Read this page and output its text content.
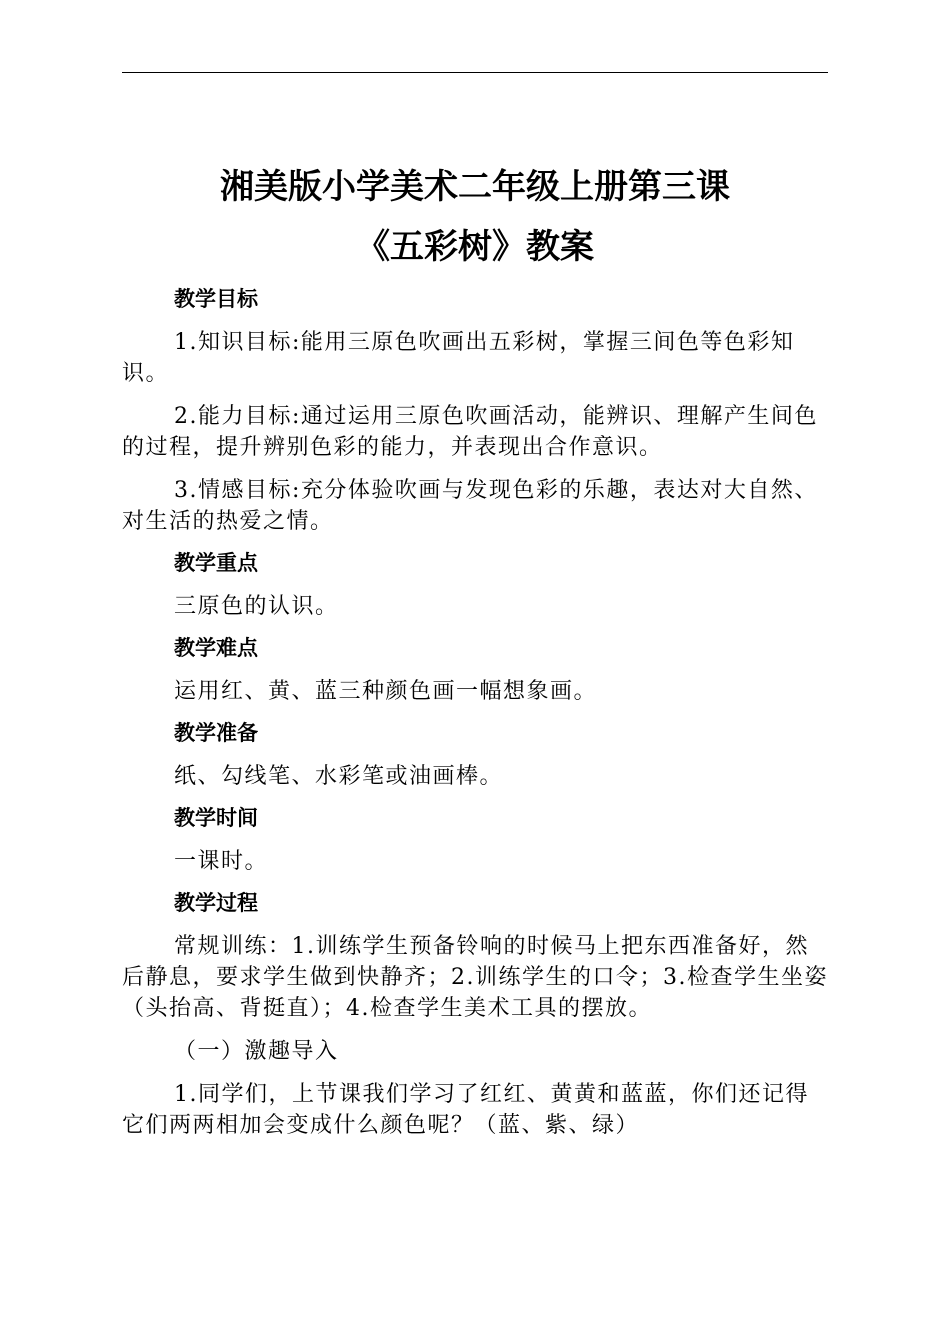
湘美版小学美术二年级上册第三课
《五彩树》教案
教学目标

1.知识目标:能用三原色吹画出五彩树，掌握三间色等色彩知识。

2.能力目标:通过运用三原色吹画活动，能辨识、理解产生间色的过程，提升辨别色彩的能力，并表现出合作意识。

3.情感目标:充分体验吹画与发现色彩的乐趣，表达对大自然、对生活的热爱之情。

教学重点

三原色的认识。

教学难点

运用红、黄、蓝三种颜色画一幅想象画。

教学准备

纸、勾线笔、水彩笔或油画棒。

教学时间

一课时。

教学过程

常规训练：1.训练学生预备铃响的时候马上把东西准备好，然后静息，要求学生做到快静齐；2.训练学生的口令；3.检查学生坐姿（头抬高、背挺直）；4.检查学生美术工具的摆放。

（一）激趣导入

1.同学们，上节课我们学习了红红、黄黄和蓝蓝，你们还记得它们两两相加会变成什么颜色呢？（蓝、紫、绿）
